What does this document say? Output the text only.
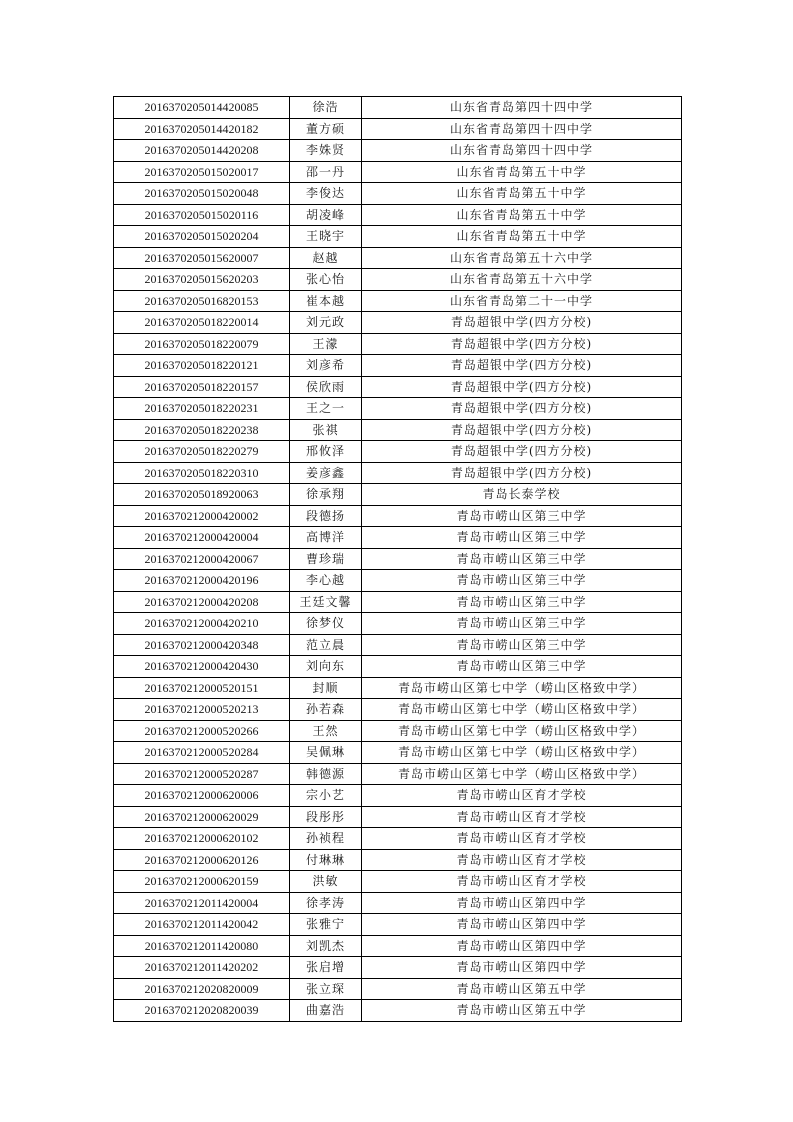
2016370205014420085	徐浩	山东省青岛第四十四中学
2016370205014420182	董方硕	山东省青岛第四十四中学
2016370205014420208	李姝贤	山东省青岛第四十四中学
2016370205015020017	邵一丹	山东省青岛第五十中学
2016370205015020048	李俊达	山东省青岛第五十中学
2016370205015020116	胡凌峰	山东省青岛第五十中学
2016370205015020204	王晓宇	山东省青岛第五十中学
2016370205015620007	赵越	山东省青岛第五十六中学
2016370205015620203	张心怡	山东省青岛第五十六中学
2016370205016820153	崔本越	山东省青岛第二十一中学
2016370205018220014	刘元政	青岛超银中学(四方分校)
2016370205018220079	王濛	青岛超银中学(四方分校)
2016370205018220121	刘彦希	青岛超银中学(四方分校)
2016370205018220157	侯欣雨	青岛超银中学(四方分校)
2016370205018220231	王之一	青岛超银中学(四方分校)
2016370205018220238	张祺	青岛超银中学(四方分校)
2016370205018220279	邢攸泽	青岛超银中学(四方分校)
2016370205018220310	姜彦鑫	青岛超银中学(四方分校)
2016370205018920063	徐承翔	青岛长泰学校
2016370212000420002	段德扬	青岛市崂山区第三中学
2016370212000420004	高博洋	青岛市崂山区第三中学
2016370212000420067	曹珍瑞	青岛市崂山区第三中学
2016370212000420196	李心越	青岛市崂山区第三中学
2016370212000420208	王廷文馨	青岛市崂山区第三中学
2016370212000420210	徐梦仪	青岛市崂山区第三中学
2016370212000420348	范立晨	青岛市崂山区第三中学
2016370212000420430	刘向东	青岛市崂山区第三中学
2016370212000520151	封顺	青岛市崂山区第七中学（崂山区格致中学）
2016370212000520213	孙若森	青岛市崂山区第七中学（崂山区格致中学）
2016370212000520266	王然	青岛市崂山区第七中学（崂山区格致中学）
2016370212000520284	吴佩琳	青岛市崂山区第七中学（崂山区格致中学）
2016370212000520287	韩德源	青岛市崂山区第七中学（崂山区格致中学）
2016370212000620006	宗小艺	青岛市崂山区育才学校
2016370212000620029	段彤彤	青岛市崂山区育才学校
2016370212000620102	孙祯程	青岛市崂山区育才学校
2016370212000620126	付琳琳	青岛市崂山区育才学校
2016370212000620159	洪敏	青岛市崂山区育才学校
2016370212011420004	徐孝涛	青岛市崂山区第四中学
2016370212011420042	张雅宁	青岛市崂山区第四中学
2016370212011420080	刘凯杰	青岛市崂山区第四中学
2016370212011420202	张启增	青岛市崂山区第四中学
2016370212020820009	张立琛	青岛市崂山区第五中学
2016370212020820039	曲嘉浩	青岛市崂山区第五中学
